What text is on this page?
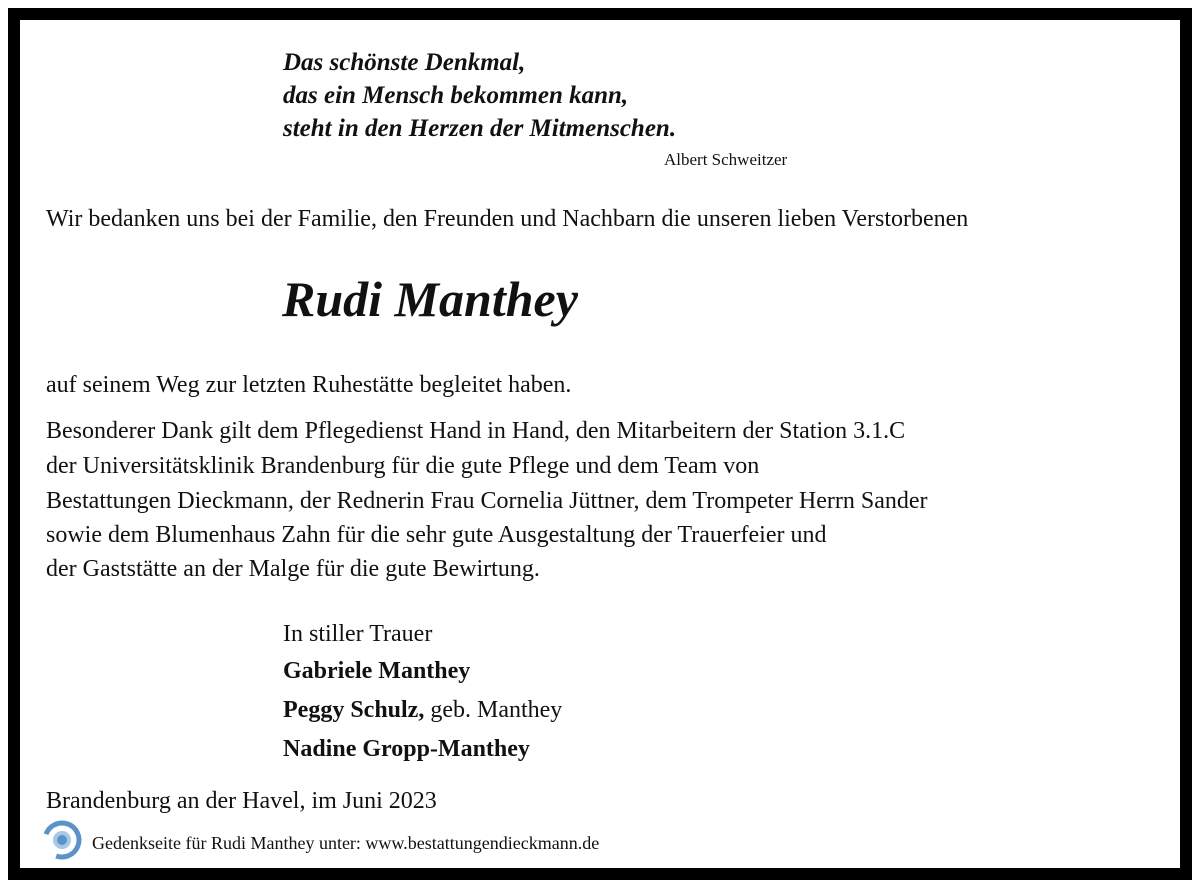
Das schönste Denkmal,

das ein Mensch bekommen kann,

steht in den Herzen der Mitmenschen.

Albert Schweitzer

Wir bedanken uns bei der Familie, den Freunden und Nachbarn die unseren lieben Verstorbenen

Rudi Manthey

auf seinem Weg zur letzten Ruhestätte begleitet haben.

Besonderer Dank gilt dem Pflegedienst Hand in Hand, den Mitarbeitern der Station 3.1.C

der Universitätsklinik Brandenburg für die gute Pflege und dem Team von

Bestattungen Dieckmann, der Rednerin Frau Cornelia Jüttner, dem Trompeter Herrn Sander

sowie dem Blumenhaus Zahn für die sehr gute Ausgestaltung der Trauerfeier und

der Gaststätte an der Malge für die gute Bewirtung.

In stiller Trauer

Gabriele Manthey

Peggy Schulz, geb. Manthey

Nadine Gropp-Manthey

Brandenburg an der Havel, im Juni 2023

Gedenkseite für Rudi Manthey unter: www.bestattungendieckmann.de
